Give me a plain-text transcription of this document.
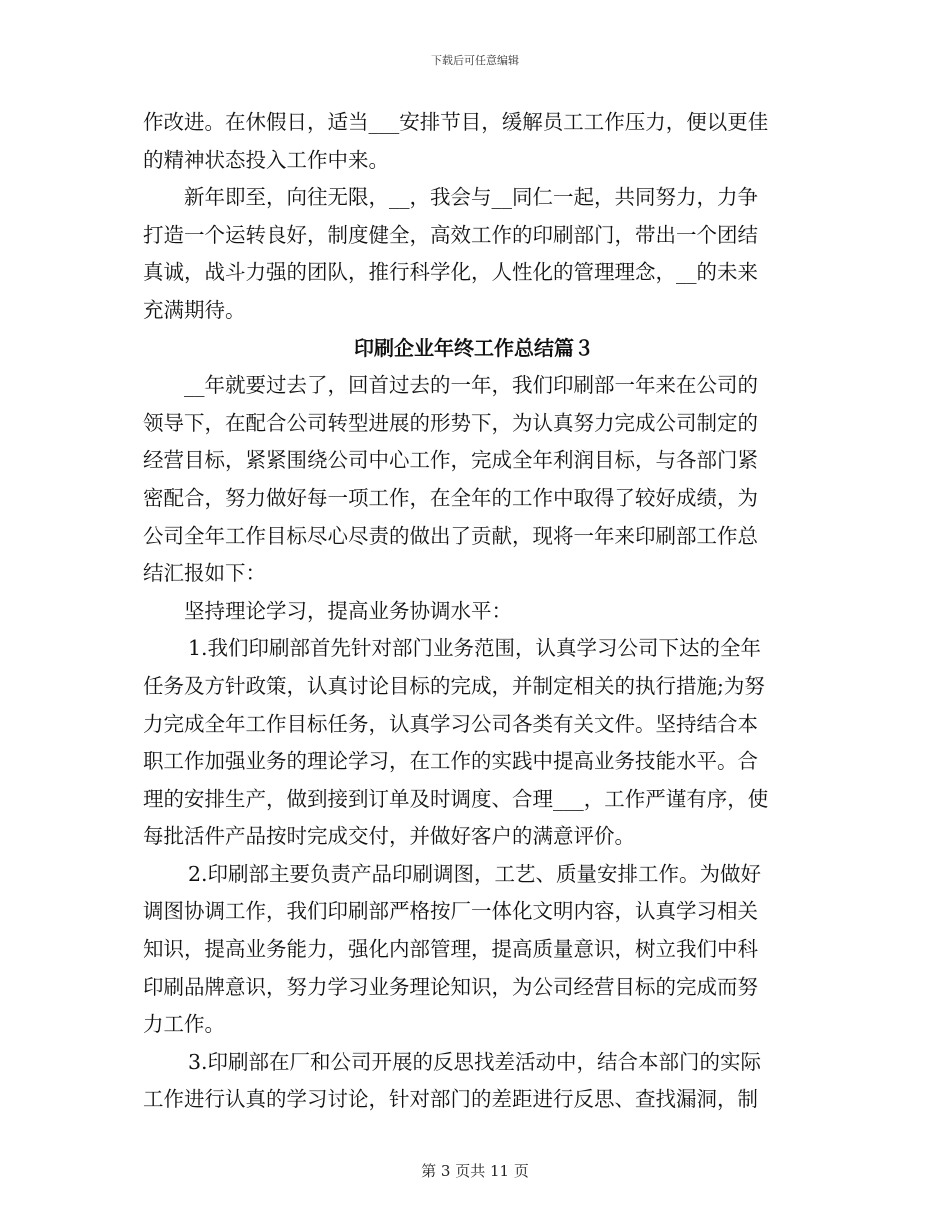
下载后可任意编辑
作改进。在休假日，适当___安排节目，缓解员工工作压力，便以更佳
的精神状态投入工作中来。
新年即至，向往无限，__，我会与__同仁一起，共同努力，力争
打造一个运转良好，制度健全，高效工作的印刷部门，带出一个团结
真诚，战斗力强的团队，推行科学化，人性化的管理理念，__的未来
充满期待。
印刷企业年终工作总结篇３
__年就要过去了，回首过去的一年，我们印刷部一年来在公司的
领导下，在配合公司转型进展的形势下，为认真努力完成公司制定的
经营目标，紧紧围绕公司中心工作，完成全年利润目标，与各部门紧
密配合，努力做好每一项工作，在全年的工作中取得了较好成绩，为
公司全年工作目标尽心尽责的做出了贡献，现将一年来印刷部工作总
结汇报如下：
坚持理论学习，提高业务协调水平：
1.我们印刷部首先针对部门业务范围，认真学习公司下达的全年
任务及方针政策，认真讨论目标的完成，并制定相关的执行措施;为努
力完成全年工作目标任务，认真学习公司各类有关文件。坚持结合本
职工作加强业务的理论学习，在工作的实践中提高业务技能水平。合
理的安排生产，做到接到订单及时调度、合理___，工作严谨有序，使
每批活件产品按时完成交付，并做好客户的满意评价。
2.印刷部主要负责产品印刷调图，工艺、质量安排工作。为做好
调图协调工作，我们印刷部严格按厂一体化文明内容，认真学习相关
知识，提高业务能力，强化内部管理，提高质量意识，树立我们中科
印刷品牌意识，努力学习业务理论知识，为公司经营目标的完成而努
力工作。
3.印刷部在厂和公司开展的反思找差活动中，结合本部门的实际
工作进行认真的学习讨论，针对部门的差距进行反思、查找漏洞，制
第 3 页共 11 页
